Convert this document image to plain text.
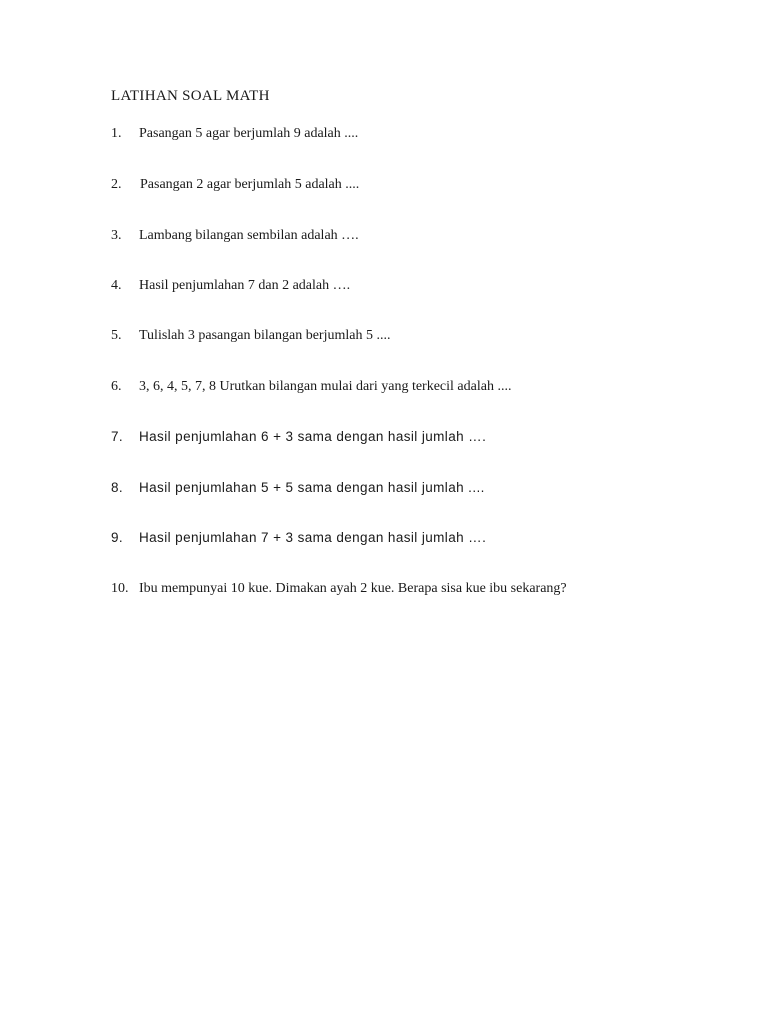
LATIHAN SOAL MATH
1. Pasangan 5 agar berjumlah 9 adalah ....
2. Pasangan 2 agar berjumlah 5 adalah ....
3. Lambang bilangan sembilan adalah ….
4. Hasil penjumlahan 7 dan 2 adalah ….
5. Tulislah 3 pasangan bilangan berjumlah 5 ....
6. 3, 6, 4, 5, 7, 8 Urutkan bilangan mulai dari yang terkecil adalah ....
7. Hasil penjumlahan 6 + 3 sama dengan hasil jumlah ….
8. Hasil penjumlahan 5 + 5 sama dengan hasil jumlah ....
9. Hasil penjumlahan 7 + 3 sama dengan hasil jumlah ….
10. Ibu mempunyai 10 kue. Dimakan ayah 2 kue. Berapa sisa kue ibu sekarang?
